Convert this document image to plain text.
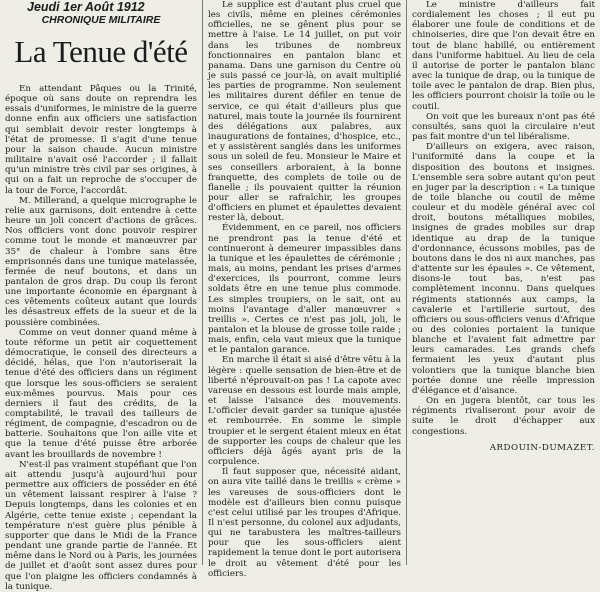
Jeudi 1er Août 1912
CHRONIQUE MILITAIRE
La Tenue d'été

En attendant Pâques ou la Trinité, époque où sans doute on reprendra les essais d'uniformes, le ministre de la guerre donne enfin aux officiers une satisfaction qui semblait devoir rester longtemps à l'état de promesse. Il s'agit d'une tenue pour la saison chaude. Aucun ministre militaire n'avait osé l'accorder ; il fallait qu'un ministre très civil par ses origines, à qui on a fait un reproche de s'occuper de la tour de Force, l'accordât.

M. Millerand, a quelque micrographe le relie aux garnisons, doit entendre à cette heure un joli concert d'actions de grâces. Nos officiers vont donc pouvoir respirer comme tout le monde et manœuvrer par 35° de chaleur à l'ombre sans être emprisonnés dans une tunique matelassée, fermée de neuf boutons, et dans un pantalon de gros drap. Du coup ils feront une importante économie en épargnant à ces vêtements coûteux autant que lourds les désastreux effets de la sueur et de la poussière combinées.

Comme on veut donner quand même à toute réforme un petit air coquettement démocratique, le conseil des directeurs a décidé, hélas, que l'on n'autoriserait la tenue d'été des officiers dans un régiment que lorsque les sous-officiers se seraient eux-mêmes pourvus. Mais pour ces derniers il faut des crédits, de la comptabilité, le travail des tailleurs de régiment, de compagnie, d'escadron ou de batterie. Souhaitons que l'on aille vite et que la tenue d'été puisse être arborée avant les brouillards de novembre !

N'est-il pas vraiment stupéfiant que l'on ait attendu jusqu'à aujourd'hui pour permettre aux officiers de posséder en été un vêtement laissant respirer à l'aise ? Depuis longtemps, dans les colonies et en Algérie, cette tenue existe ; cependant la température n'est guère plus pénible à supporter que dans le Midi de la France pendant une grande partie de l'année. Et même dans le Nord ou à Paris, les journées de juillet et d'août sont assez dures pour que l'on plaigne les officiers condamnés à la tunique.

Le supplice est d'autant plus cruel que les civils, même en pleines cérémonies officielles, ne se gênent plus pour se mettre à l'aise. Le 14 juillet, on put voir dans les tribunes de nombreux fonctionnaires en pantalon blanc et panama. Dans une garnison du Centre où je suis passé ce jour-là, on avait multiplié les parties de programme. Non seulement les militaires durent défiler en tenue de service, ce qui était d'ailleurs plus que naturel, mais toute la journée ils fournirent des délégations aux palabres, aux inaugurations de fontaines, d'hospice, etc., et y assistèrent sanglés dans les uniformes sous un soleil de feu. Monsieur le Maire et ses conseillers arboraient, à la bonne franquette, des complets de toile ou de flanelle ; ils pouvaient quitter la réunion pour aller se rafraîchir, les groupes d'officiers en plumet et épaulettes devaient rester là, debout.

Évidemment, en ce pareil, nos officiers ne prendront pas la tenue d'été et continueront à demeurer impassibles dans la tunique et les épaulettes de cérémonie ; mais, au moins, pendant les prises d'armes d'exercices, ils pourront, comme leurs soldats être en une tenue plus commode. Les simples troupiers, on le sait, ont au moins l'avantage d'aller manœuvrer « treillis ». Certes ce n'est pas joli, joli, le pantalon et la blouse de grosse toile raide ; mais, enfin, cela vaut mieux que la tunique et le pantalon garance.

En marche il était si aisé d'être vêtu à la légère : quelle sensation de bien-être et de liberté n'éprouvait-on pas ! La capote avec vareuse en dessous est lourde mais ample, et laisse l'aisance des mouvements. L'officier devait garder sa tunique ajustée et rembourrée. En somme le simple troupier et le sergent étaient mieux en état de supporter les coups de chaleur que les officiers déjà âgés ayant pris de la corpulence.

Il faut supposer que, nécessité aidant, on aura vite taillé dans le treillis « crème » les vareuses de sous-officiers dont le modèle est d'ailleurs bien connu puisque c'est celui utilisé par les troupes d'Afrique. Il n'est personne, du colonel aux adjudants, qui ne tarabustera les maîtres-tailleurs pour que les sous-officiers aient rapidement la tenue dont le port autorisera le droit au vêtement d'été pour les officiers.

Le ministre d'ailleurs fait cordialement les choses ; il eut pu élaborer une foule de conditions et de chinoiseries, dire que l'on devait être en tout de blanc habillé, ou entièrement dans l'uniforme habituel. Au lieu de cela il autorise de porter le pantalon blanc avec la tunique de drap, ou la tunique de toile avec le pantalon de drap. Bien plus, les officiers pourront choisir la toile ou le coutil.

On voit que les bureaux n'ont pas été consultés, sans quoi la circulaire n'eut pas fait montre d'un tel libéralisme.

D'ailleurs on exigera, avec raison, l'uniformité dans la coupe et la disposition des boutons et insignes. L'ensemble sera sobre autant qu'on peut en juger par la description : « La tunique de toile blanche ou coutil de même couleur et du modèle général avec col droit, boutons métalliques mobiles, insignes de grades mobiles sur drap identique au drap de la tunique d'ordonnance, écussons mobiles, pas de boutons dans le dos ni aux manches, pas d'attente sur les épaules ». Ce vêtement, disons-le tout bas, n'est pas complètement inconnu. Dans quelques régiments stationnés aux camps, la cavalerie et l'artillerie surtout, des officiers ou sous-officiers venus d'Afrique ou des colonies portaient la tunique blanche et l'avaient fait admettre par leurs camarades. Les grands chefs fermaient les yeux d'autant plus volontiers que la tunique blanche bien portée donne une réelle impression d'élégance et d'aisance.

On en jugera bientôt, car tous les régiments rivaliseront pour avoir de suite le droit d'échapper aux congestions.

ARDOUIN-DUMAZET.
